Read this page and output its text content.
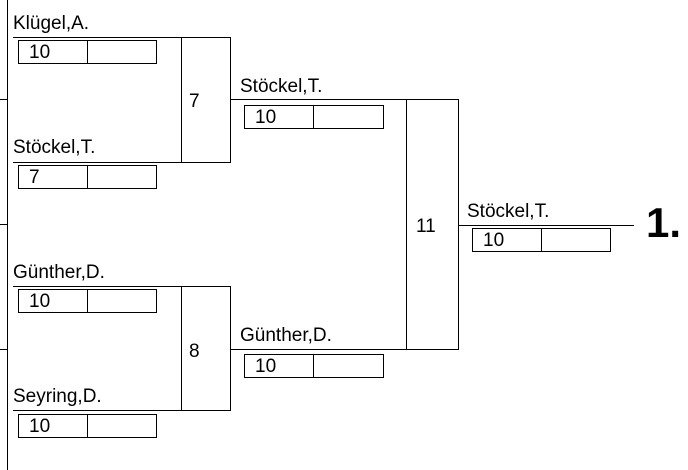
Klügel,A.
10
Stöckel,T.
7
7
Günther,D.
10
Seyring,D.
10
8
Stöckel,T.
10
Günther,D.
10
11
Stöckel,T.
10	1.
